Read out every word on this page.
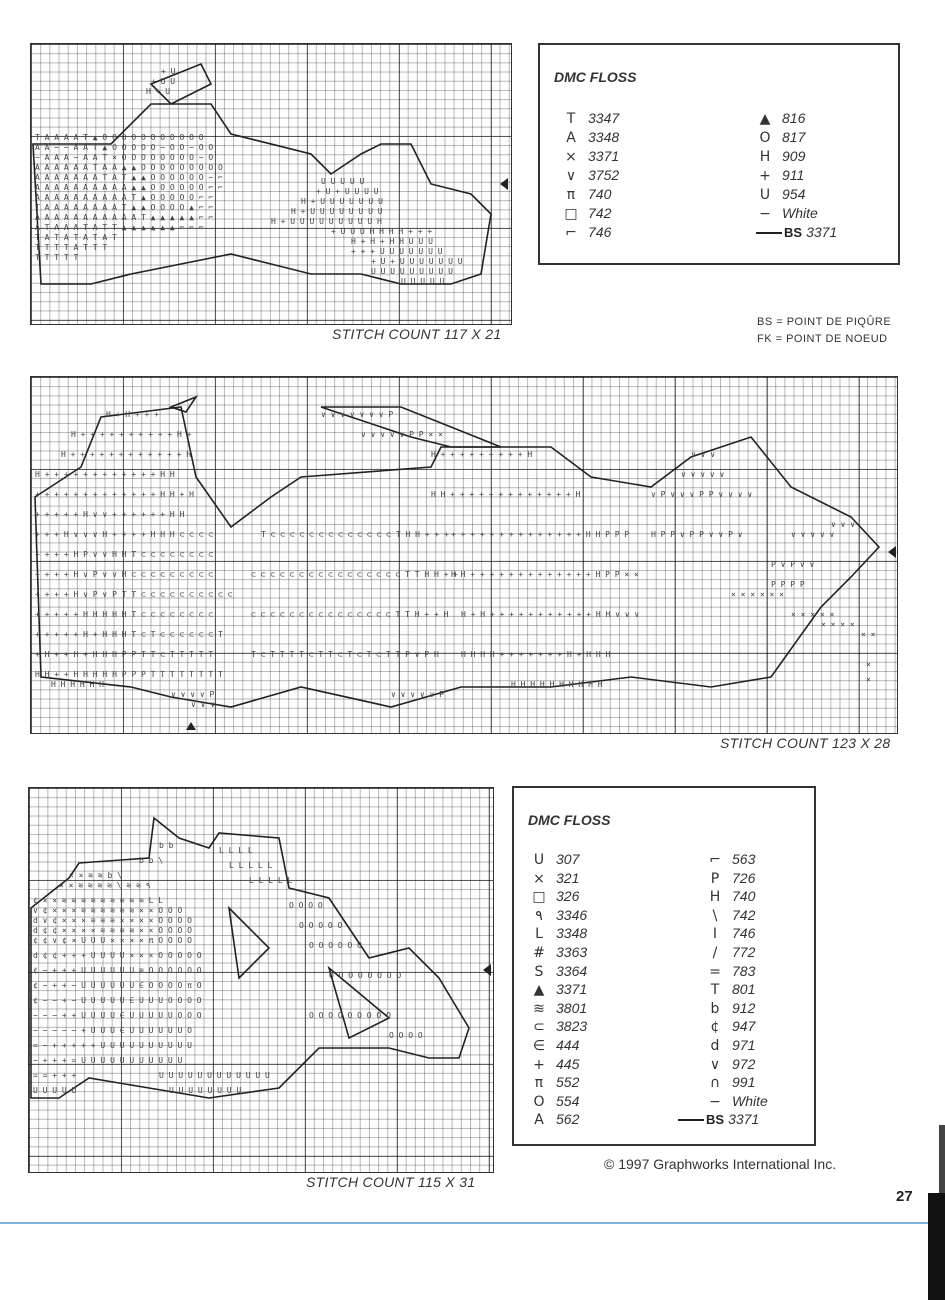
T A A A A T ▲ O O O O O O O O O O O
A A − − A A T ▲ O O O O O − O O − O O
− A A A − A A T × O O O O O O O O − O
A A A A A A T A A ▲ ▲ O O O O O O O O O
A A A A A A A T A T ▲ ▲ O O O O O O − ⌐
A A A A A A A A A A ▲ ▲ O O O O O O ⌐ ⌐
A A A A A A A A A A T ▲ O O O O O ⌐ ⌐
T A A A A A A A A T ▲ ▲ O O O O ▲ ⌐ ⌐
A A A A A A A A A A A T ▲ ▲ ▲ ▲ ▲ ⌐ ⌐
A T A A A T A T T ▲ ▲ ▲ ▲ ▲ ▲ ⌐ ⌐ ⌐
T A T A T A T A T
T T T T A T T T
T T T T T
U U U U U
+ U + U U U U
H + U U U U U U U
H + U U U U U U U U
H + U U U U U U U U U H
+ U U U H H H H + + +
H + H + H H U U U
+ + + U U U U U U U
+ U + U U U U U U U
U U U U U U U U U
U U U U U
+ U
+ U U
H + U
STITCH COUNT 117 X 21
DMC FLOSS
T 3347
A 3348
× 3371
∨ 3752
π 740
□ 742
⌐ 746
▲ 816
O 817
H 909
+ 911
U 954
− White
BS 3371
BS = POINT DE PIQÛRE
FK = POINT DE NOEUD
H + H + + +
H + + + + + + + + + + H +
H + + + + + + + + + + + + H
H + + + + + + + + + + + + H H
+ + + + + + + + + + + + + H H + H
+ + + + + H ∨ ∨ + + + + + + H H
+ + + H ∨ ∨ ∨ H + + + + H H H ⊂ ⊂ ⊂ ⊂
+ + + + H P ∨ ∨ H H T ⊂ ⊂ ⊂ ⊂ ⊂ ⊂ ⊂ ⊂
+ + + + H ∨ P ∨ ∨ H ⊂ ⊂ ⊂ ⊂ ⊂ ⊂ ⊂ ⊂ ⊂
+ + + + H ∨ P ∨ P T T ⊂ ⊂ ⊂ ⊂ ⊂ ⊂ ⊂ ⊂ ⊂ ⊂
+ + + + + H H H H H T ⊂ ⊂ ⊂ ⊂ ⊂ ⊂ ⊂ ⊂
+ + + + + H + H H H T ⊂ T ⊂ ⊂ ⊂ ⊂ ⊂ ⊂ T
+ H + + H + H H H P P T T ⊂ T T T T T
H H + + H H H H H P P P T T T T T T T T
H H H H H H
T ⊂ ⊂ ⊂ ⊂ ⊂ ⊂ ⊂ ⊂ ⊂ ⊂ ⊂ ⊂ ⊂ T H H + + +
⊂ ⊂ ⊂ ⊂ ⊂ ⊂ ⊂ ⊂ ⊂ ⊂ ⊂ ⊂ ⊂ ⊂ ⊂ ⊂ T T H H + +
⊂ ⊂ ⊂ ⊂ ⊂ ⊂ ⊂ ⊂ ⊂ ⊂ ⊂ ⊂ ⊂ ⊂ ⊂ T T H + + H
T ⊂ T T T T ⊂ T T ⊂ T ⊂ T ⊂ T T P ∨ P H
∨ ∨ ∨ ∨ ∨ ∨ ∨ P
∨ ∨ ∨ ∨ ∨ P P × ×
H + + + + + + + + + H
H H + + + + + + + + + + + + + H
+ + + + + + + + + + + + + + H H P P P
H H + + + + + + + + + + + + + H P P × ×
H + H + + + + + + + + + + + H H ∨ ∨ ∨
H H H H + + + + + + + H + H H H
H H H H H H H H H H
∨ P ∨ ∨ ∨ P P ∨ ∨ ∨ ∨
H P P ∨ P P ∨ ∨ P ∨
∨ ∨ ∨ ∨ ∨
∨ ∨ ∨
× × × × × ×
P ∨ P ∨ ∨
P P P P
∨ ∨ ∨ ∨ ∨
∨ ∨ ∨
× × × × ×
× × × ×
× ×
×
×
∨ ∨ ∨ ∨ ∨ P
∨ ∨ ∨ ∨ P
∨ ∨ ∨
STITCH COUNT 123 X 28
b b
b b \
× × ≋ ≋ b \
× × ≋ ≋ ≋ ≋ \ ≋ ≋ ٩
¢ × × ≋ ≋ ≋ ≋ ≋ ≋ ≋ ≋ ≋ L L
∨ ¢ × × × ≋ ≋ ≋ ≋ ≋ ≋ × × O O O
d ∨ ¢ × × × ≋ ≋ ≋ × × × × O O O O
d ¢ ¢ × × × × ≋ ≋ ≋ ≋ × × O O O O
¢ ¢ ∨ ¢ × U U U × × × × π O O O O
d ¢ ¢ + + + U U U U × × × O O O O O
¢ − + + + U U U U U U ≋ O O O O O O
¢ − + + − U U U U U U ∈ O O O O π O
¢ − − + − U U U U U ∈ U U U O O O O
− − − + + U U U U ∈ U U U U U O O O
− − − − − + U U U ∈ U U U U U U O
= − + + + + + U U U U U U U U U U
− + + + = U U U U U U U U U U U
= = + + +
U U U U U
U U U U U U U U U U U U
U U U U U U U U
L L L L
L L L L L
L L L L L
O O O O
O O O O O
O O O O O O
O O O O O O O O
O O O O O O O O O
O O O O
STITCH COUNT 115 X 31
DMC FLOSS
U 307
× 321
□ 326
٩ 3346
L 3348
# 3363
S 3364
▲ 3371
≋ 3801
⊂ 3823
∈ 444
+ 445
π 552
O 554
A 562
⌐ 563
P 726
H 740
\ 742
I 746
/ 772
= 783
T 801
b 912
¢ 947
d 971
∨ 972
∩ 991
− White
BS 3371
© 1997 Graphworks International Inc.
27
